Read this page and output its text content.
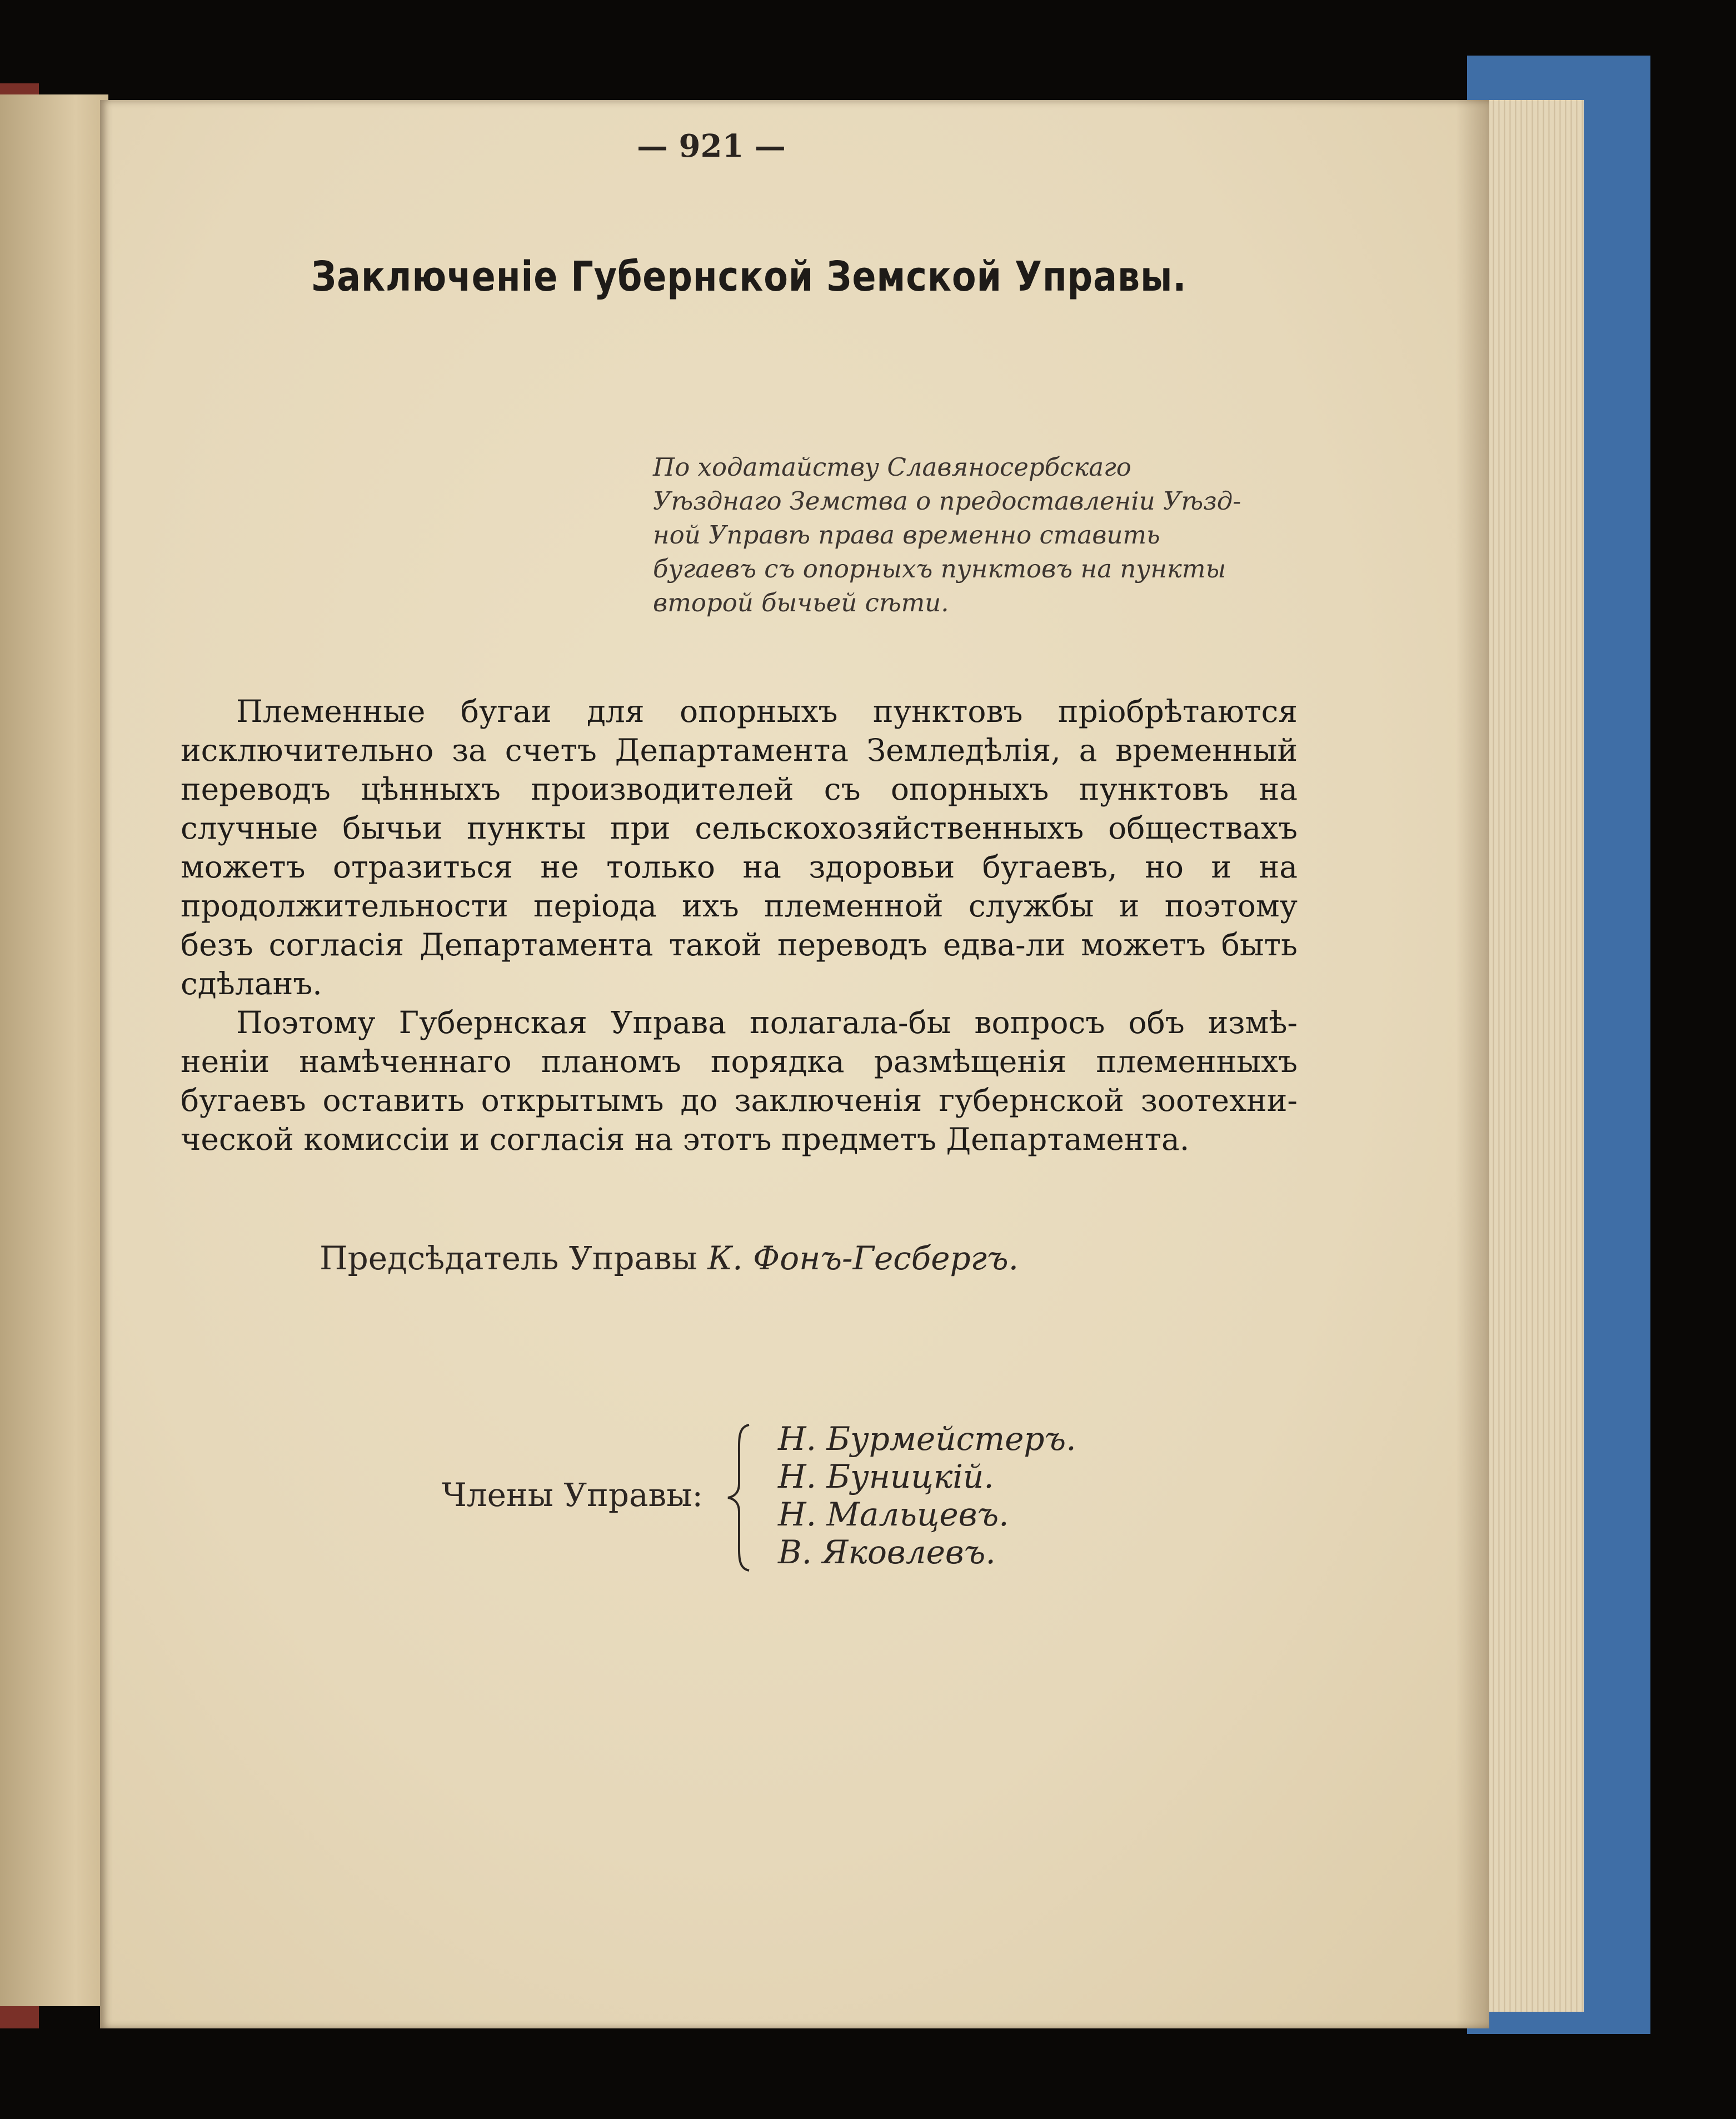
— 921 —
Заключеніе Губернской Земской Управы.
По ходатайству Славяносербскаго
Уѣзднаго Земства о предоставленіи Уѣзд-
ной Управѣ права временно ставить
бугаевъ съ опорныхъ пунктовъ на пункты
второй бычьей сѣти.
Племенные бугаи для опорныхъ пунктовъ пріобрѣтаются
исключительно за счетъ Департамента Земледѣлія, а временный
переводъ цѣнныхъ производителей съ опорныхъ пунктовъ на
случные бычьи пункты при сельскохозяйственныхъ обществахъ
можетъ отразиться не только на здоровьи бугаевъ, но и на
продолжительности періода ихъ племенной службы и поэтому
безъ согласія Департамента такой переводъ едва-ли можетъ быть
сдѣланъ.
Поэтому Губернская Управа полагала-бы вопросъ объ измѣ-
неніи намѣченнаго планомъ порядка размѣщенія племенныхъ
бугаевъ оставить открытымъ до заключенія губернской зоотехни-
ческой комиссіи и согласія на этотъ предметъ Департамента.
Предсѣдатель Управы К. Фонъ-Гесбергъ.
Члены Управы:
Н. Бурмейстеръ.
Н. Буницкій.
Н. Мальцевъ.
В. Яковлевъ.
